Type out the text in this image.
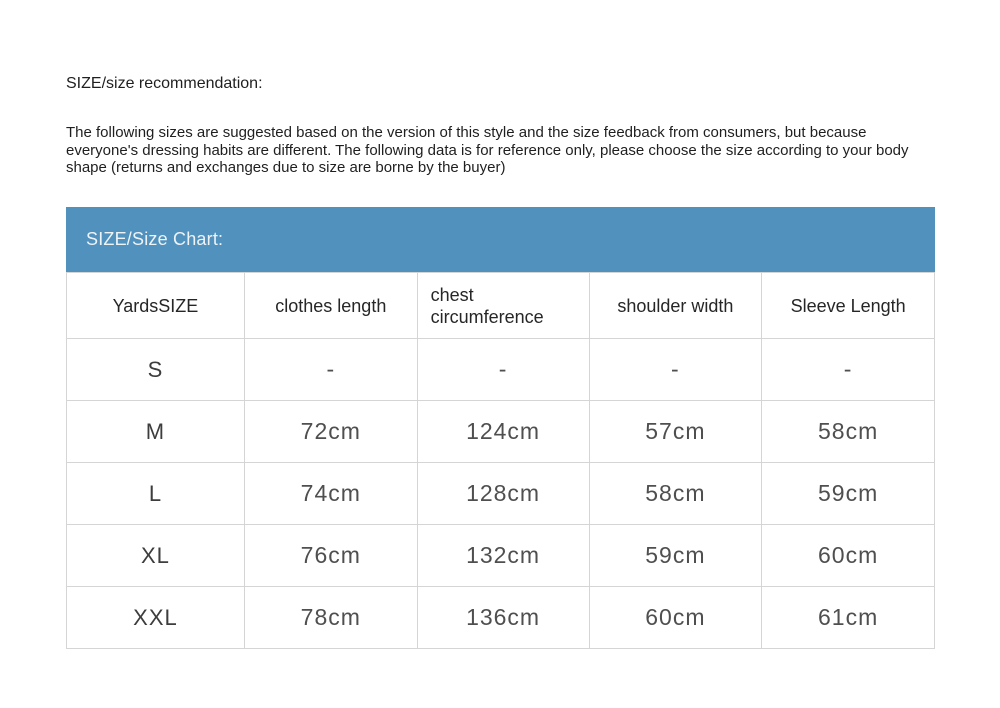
SIZE/size recommendation:
The following sizes are suggested based on the version of this style and the size feedback from consumers, but because everyone's dressing habits are different. The following data is for reference only, please choose the size according to your body shape (returns and exchanges due to size are borne by the buyer)
SIZE/Size Chart:
YardsSIZE	clothes length	chest circumference	shoulder width	Sleeve Length
S	-	-	-	-
M	72cm	124cm	57cm	58cm
L	74cm	128cm	58cm	59cm
XL	76cm	132cm	59cm	60cm
XXL	78cm	136cm	60cm	61cm
